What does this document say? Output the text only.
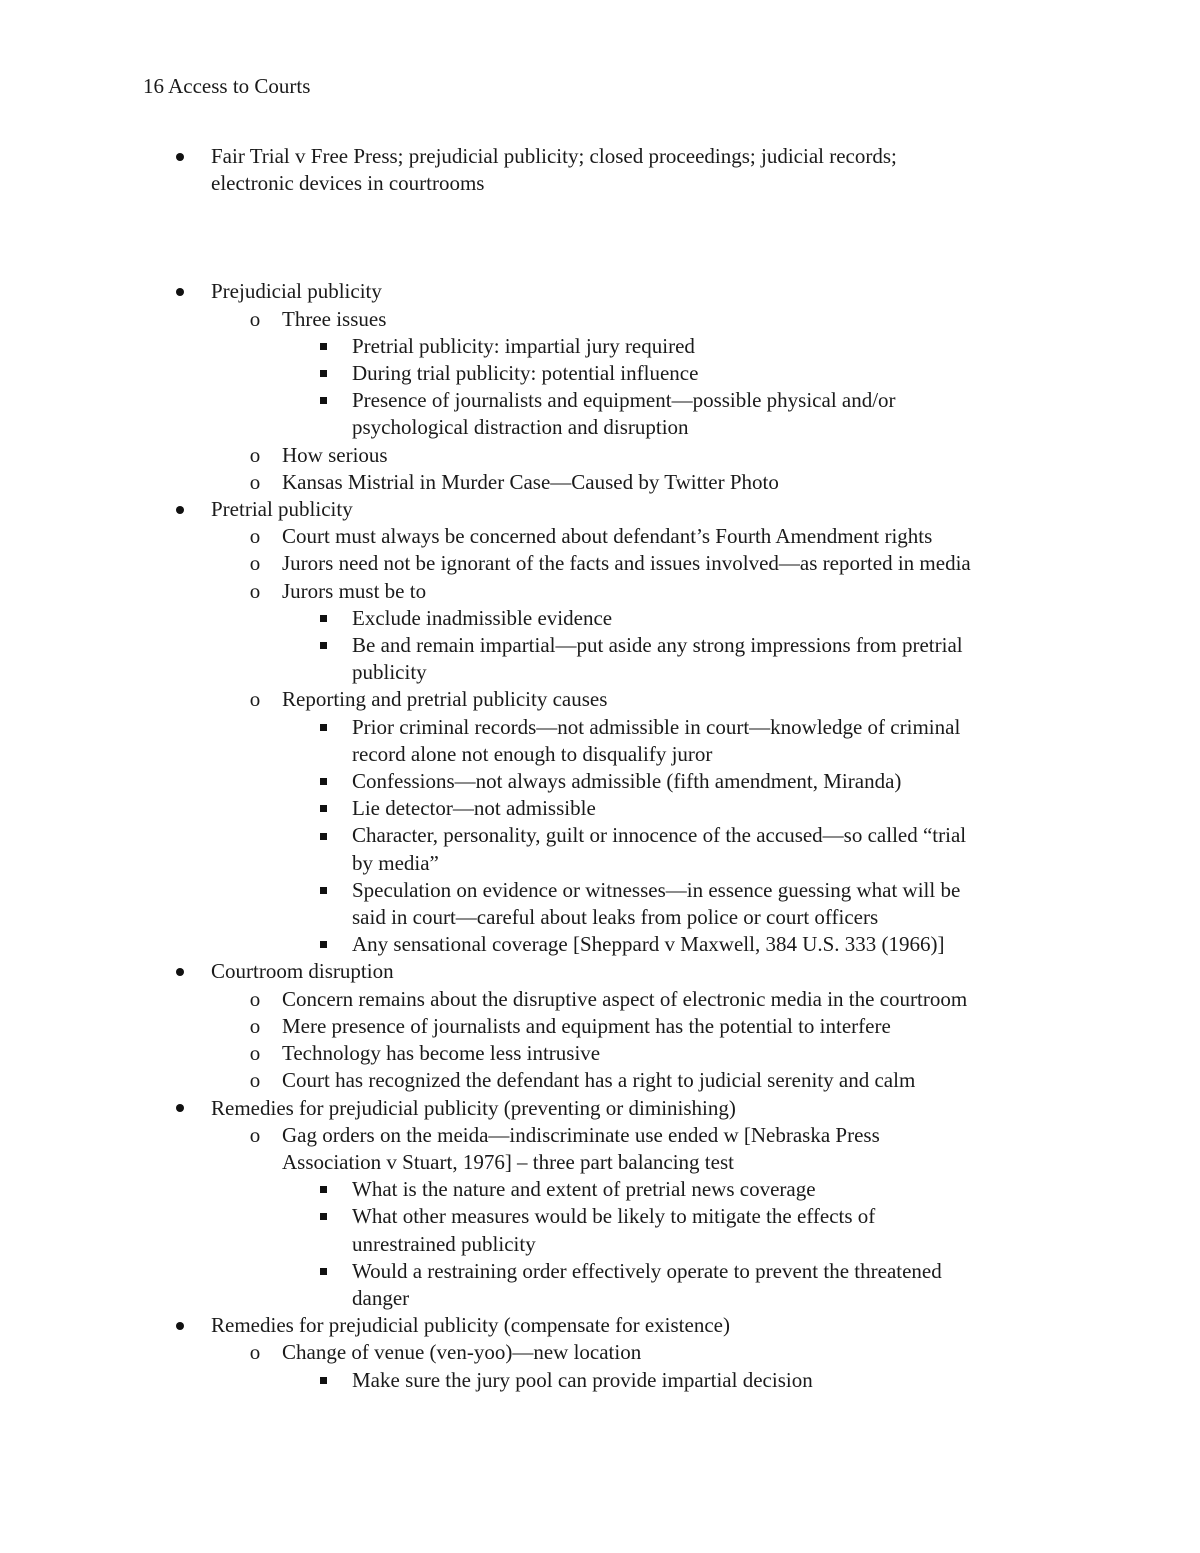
16 Access to Courts
Fair Trial v Free Press; prejudicial publicity; closed proceedings; judicial records;
electronic devices in courtrooms
Prejudicial publicity
o Three issues
Pretrial publicity: impartial jury required
During trial publicity: potential influence
Presence of journalists and equipment—possible physical and/or
psychological distraction and disruption
o How serious
o Kansas Mistrial in Murder Case—Caused by Twitter Photo
Pretrial publicity
o Court must always be concerned about defendant’s Fourth Amendment rights
o Jurors need not be ignorant of the facts and issues involved—as reported in media
o Jurors must be to
Exclude inadmissible evidence
Be and remain impartial—put aside any strong impressions from pretrial
publicity
o Reporting and pretrial publicity causes
Prior criminal records—not admissible in court—knowledge of criminal
record alone not enough to disqualify juror
Confessions—not always admissible (fifth amendment, Miranda)
Lie detector—not admissible
Character, personality, guilt or innocence of the accused—so called “trial
by media”
Speculation on evidence or witnesses—in essence guessing what will be
said in court—careful about leaks from police or court officers
Any sensational coverage [Sheppard v Maxwell, 384 U.S. 333 (1966)]
Courtroom disruption
o Concern remains about the disruptive aspect of electronic media in the courtroom
o Mere presence of journalists and equipment has the potential to interfere
o Technology has become less intrusive
o Court has recognized the defendant has a right to judicial serenity and calm
Remedies for prejudicial publicity (preventing or diminishing)
o Gag orders on the meida—indiscriminate use ended w [Nebraska Press
Association v Stuart, 1976] – three part balancing test
What is the nature and extent of pretrial news coverage
What other measures would be likely to mitigate the effects of
unrestrained publicity
Would a restraining order effectively operate to prevent the threatened
danger
Remedies for prejudicial publicity (compensate for existence)
o Change of venue (ven-yoo)—new location
Make sure the jury pool can provide impartial decision
